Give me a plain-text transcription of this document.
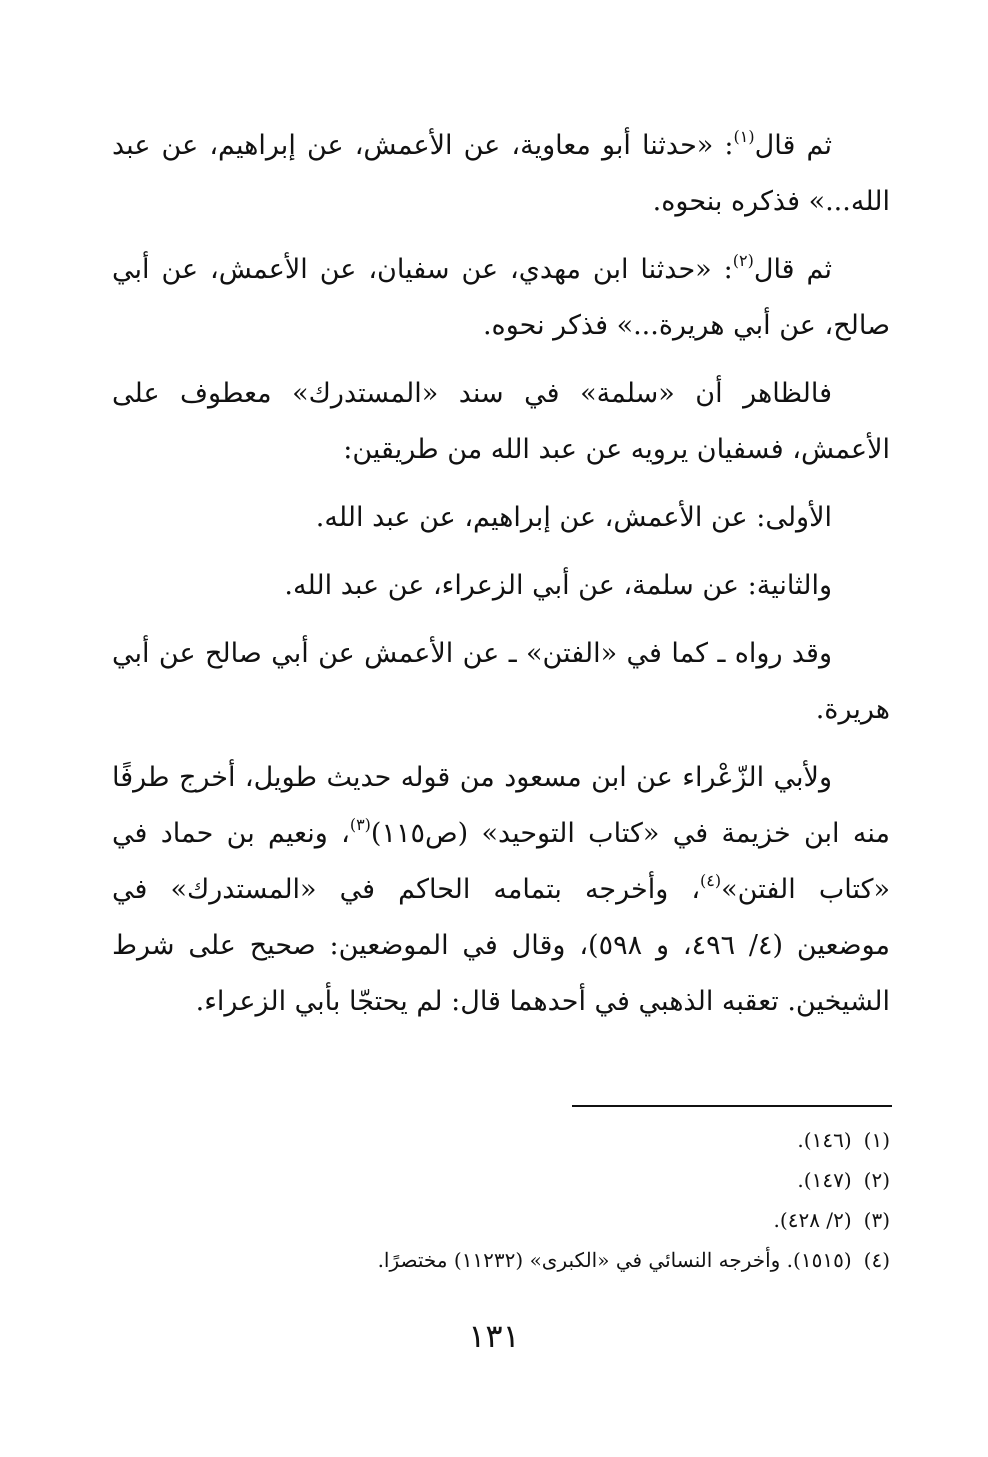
ثم قال$^{(١)}$: «حدثنا أبو معاوية، عن الأعمش، عن إبراهيم، عن عبد الله...» فذكره بنحوه.

ثم قال$^{(٢)}$: «حدثنا ابن مهدي، عن سفيان، عن الأعمش، عن أبي صالح، عن أبي هريرة...» فذكر نحوه.

فالظاهر أن «سلمة» في سند «المستدرك» معطوف على الأعمش، فسفيان يرويه عن عبد الله من طريقين:

الأولى: عن الأعمش، عن إبراهيم، عن عبد الله.

والثانية: عن سلمة، عن أبي الزعراء، عن عبد الله.

وقد رواه ـ كما في «الفتن» ـ عن الأعمش عن أبي صالح عن أبي هريرة.

ولأبي الزّعْراء عن ابن مسعود من قوله حديث طويل، أخرج طرفًا منه ابن خزيمة في «كتاب التوحيد» (ص١١٥)$^{(٣)}$، ونعيم بن حماد في «كتاب الفتن»$^{(٤)}$، وأخرجه بتمامه الحاكم في «المستدرك» في موضعين (٤/ ٤٩٦، و ٥٩٨)، وقال في الموضعين: صحيح على شرط الشيخين. تعقبه الذهبي في أحدهما قال: لم يحتجّا بأبي الزعراء.

(١)(١٤٦).

(٢)(١٤٧).

(٣)(٢/ ٤٢٨).

(٤)(١٥١٥). وأخرجه النسائي في «الكبرى» (١١٢٣٢) مختصرًا.

١٣١
